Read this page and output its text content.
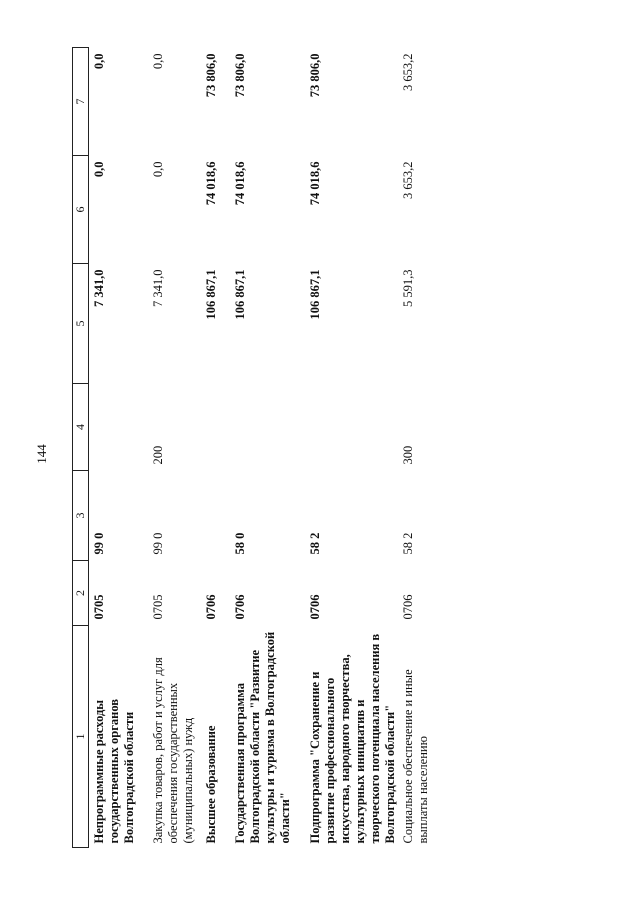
144
1	2	3	4	5	6	7
Непрограммные расходы государственных органов Волгоградской области	0705	99 0		7 341,0	0,0	0,0
Закупка товаров, работ и услуг для обеспечения государственных (муниципальных) нужд	0705	99 0	200	7 341,0	0,0	0,0
Высшее образование	0706			106 867,1	74 018,6	73 806,0
Государственная программа Волгоградской области "Развитие культуры и туризма в Волгоградской области"	0706	58 0		106 867,1	74 018,6	73 806,0
Подпрограмма "Сохранение и развитие профессионального искусства, народного творчества, культурных инициатив и творческого потенциала населения в Волгоградской области"	0706	58 2		106 867,1	74 018,6	73 806,0
Социальное обеспечение и иные выплаты населению	0706	58 2	300	5 591,3	3 653,2	3 653,2
